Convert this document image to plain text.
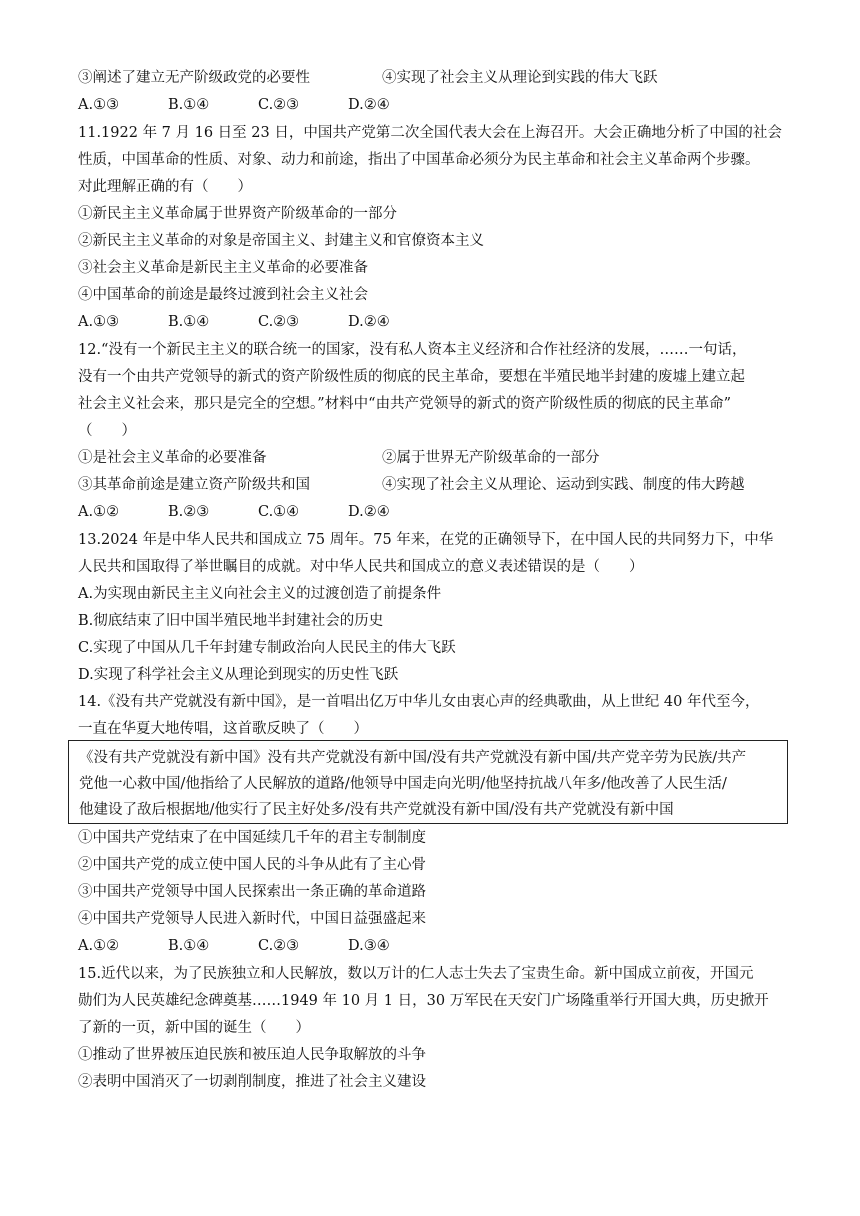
③阐述了建立无产阶级政党的必要性	④实现了社会主义从理论到实践的伟大飞跃
A.①③	B.①④	C.②③	D.②④
11.1922 年 7 月 16 日至 23 日，中国共产党第二次全国代表大会在上海召开。大会正确地分析了中国的社会
性质，中国革命的性质、对象、动力和前途，指出了中国革命必须分为民主革命和社会主义革命两个步骤。
对此理解正确的有（　　）
①新民主主义革命属于世界资产阶级革命的一部分
②新民主主义革命的对象是帝国主义、封建主义和官僚资本主义
③社会主义革命是新民主主义革命的必要准备
④中国革命的前途是最终过渡到社会主义社会
A.①③	B.①④	C.②③	D.②④
12.“没有一个新民主主义的联合统一的国家，没有私人资本主义经济和合作社经济的发展，……一句话，
没有一个由共产党领导的新式的资产阶级性质的彻底的民主革命，要想在半殖民地半封建的废墟上建立起
社会主义社会来，那只是完全的空想。”材料中“由共产党领导的新式的资产阶级性质的彻底的民主革命”
（　　）
①是社会主义革命的必要准备	②属于世界无产阶级革命的一部分
③其革命前途是建立资产阶级共和国	④实现了社会主义从理论、运动到实践、制度的伟大跨越
A.①②	B.②③	C.①④	D.②④
13.2024 年是中华人民共和国成立 75 周年。75 年来，在党的正确领导下，在中国人民的共同努力下，中华
人民共和国取得了举世瞩目的成就。对中华人民共和国成立的意义表述错误的是（　　）
A.为实现由新民主主义向社会主义的过渡创造了前提条件
B.彻底结束了旧中国半殖民地半封建社会的历史
C.实现了中国从几千年封建专制政治向人民民主的伟大飞跃
D.实现了科学社会主义从理论到现实的历史性飞跃
14.《没有共产党就没有新中国》，是一首唱出亿万中华儿女由衷心声的经典歌曲，从上世纪 40 年代至今，
一直在华夏大地传唱，这首歌反映了（　　）
《没有共产党就没有新中国》没有共产党就没有新中国/没有共产党就没有新中国/共产党辛劳为民族/共产
党他一心救中国/他指给了人民解放的道路/他领导中国走向光明/他坚持抗战八年多/他改善了人民生活/
他建设了敌后根据地/他实行了民主好处多/没有共产党就没有新中国/没有共产党就没有新中国
①中国共产党结束了在中国延续几千年的君主专制制度
②中国共产党的成立使中国人民的斗争从此有了主心骨
③中国共产党领导中国人民探索出一条正确的革命道路
④中国共产党领导人民进入新时代，中国日益强盛起来
A.①②	B.①④	C.②③	D.③④
15.近代以来，为了民族独立和人民解放，数以万计的仁人志士失去了宝贵生命。新中国成立前夜，开国元
勋们为人民英雄纪念碑奠基……1949 年 10 月 1 日，30 万军民在天安门广场隆重举行开国大典，历史掀开
了新的一页，新中国的诞生（　　）
①推动了世界被压迫民族和被压迫人民争取解放的斗争
②表明中国消灭了一切剥削制度，推进了社会主义建设
